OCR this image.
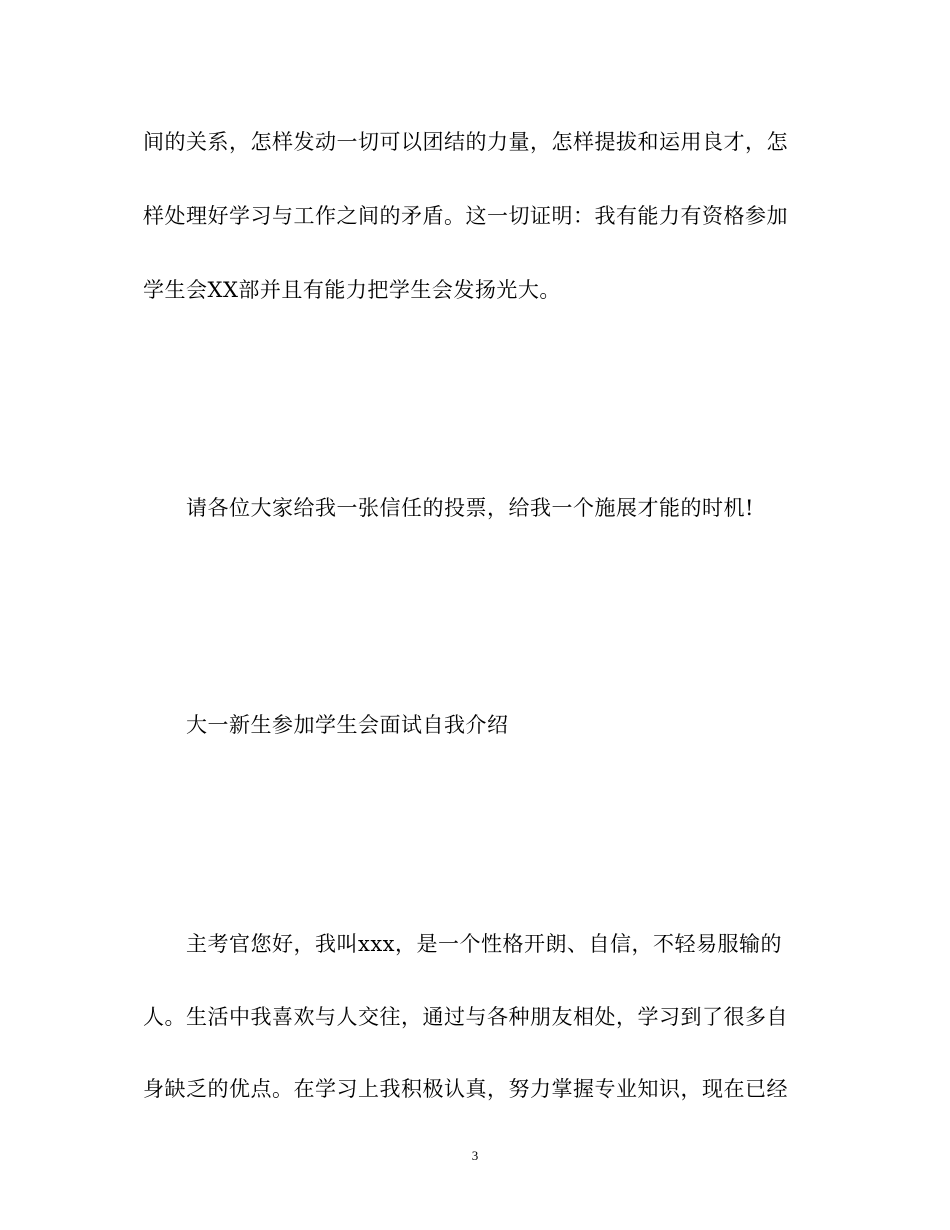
间的关系，怎样发动一切可以团结的力量，怎样提拔和运用良才，怎
样处理好学习与工作之间的矛盾。这一切证明：我有能力有资格参加
学生会XX部并且有能力把学生会发扬光大。
请各位大家给我一张信任的投票，给我一个施展才能的时机!
大一新生参加学生会面试自我介绍
主考官您好，我叫xxx，是一个性格开朗、自信，不轻易服输的
人。生活中我喜欢与人交往，通过与各种朋友相处，学习到了很多自
身缺乏的优点。在学习上我积极认真，努力掌握专业知识，现在已经
3
